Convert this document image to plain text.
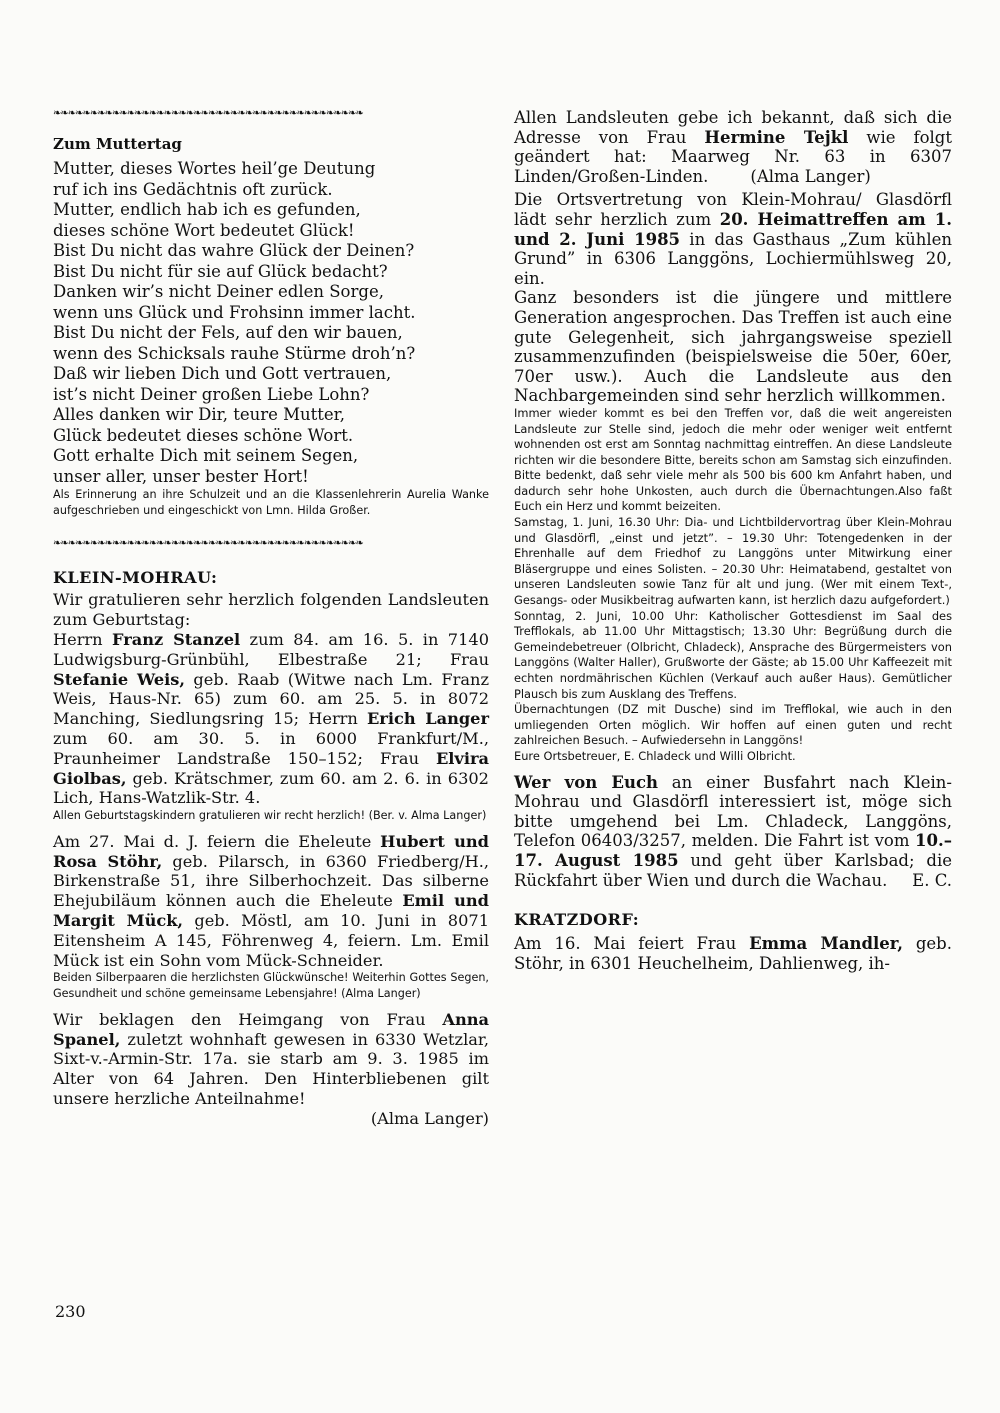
❧❧❧❧❧❧❧❧❧❧❧❧❧❧❧❧❧❧❧❧❧❧❧❧❧❧❧❧❧❧❧❧❧❧❧❧❧❧❧❧❧❧
Zum Muttertag
Mutter, dieses Wortes heil’ge Deutung
ruf ich ins Gedächtnis oft zurück.
Mutter, endlich hab ich es gefunden,
dieses schöne Wort bedeutet Glück!
Bist Du nicht das wahre Glück der Deinen?
Bist Du nicht für sie auf Glück bedacht?
Danken wir’s nicht Deiner edlen Sorge,
wenn uns Glück und Frohsinn immer lacht.
Bist Du nicht der Fels, auf den wir bauen,
wenn des Schicksals rauhe Stürme droh’n?
Daß wir lieben Dich und Gott vertrauen,
ist’s nicht Deiner großen Liebe Lohn?
Alles danken wir Dir, teure Mutter,
Glück bedeutet dieses schöne Wort.
Gott erhalte Dich mit seinem Segen,
unser aller, unser bester Hort!
Als Erinnerung an ihre Schulzeit und an die Klassenlehrerin Aurelia Wanke aufgeschrieben und eingeschickt von Lmn. Hilda Großer.
❧❧❧❧❧❧❧❧❧❧❧❧❧❧❧❧❧❧❧❧❧❧❧❧❧❧❧❧❧❧❧❧❧❧❧❧❧❧❧❧❧❧
KLEIN-MOHRAU:
Wir gratulieren sehr herzlich folgenden Landsleuten zum Geburtstag:
Herrn Franz Stanzel zum 84. am 16. 5. in 7140 Ludwigsburg-Grünbühl, Elbestraße 21; Frau Stefanie Weis, geb. Raab (Witwe nach Lm. Franz Weis, Haus-Nr. 65) zum 60. am 25. 5. in 8072 Manching, Siedlungsring 15; Herrn Erich Langer zum 60. am 30. 5. in 6000 Frankfurt/M., Praunheimer Landstraße 150–152; Frau Elvira Giolbas, geb. Krätschmer, zum 60. am 2. 6. in 6302 Lich, Hans-Watzlik-Str. 4.
Allen Geburtstagskindern gratulieren wir recht herzlich! (Ber. v. Alma Langer)
Am 27. Mai d. J. feiern die Eheleute Hubert und Rosa Stöhr, geb. Pilarsch, in 6360 Friedberg/H., Birkenstraße 51, ihre Silberhochzeit. Das silberne Ehejubiläum können auch die Eheleute Emil und Margit Mück, geb. Möstl, am 10. Juni in 8071 Eitensheim A 145, Föhrenweg 4, feiern. Lm. Emil Mück ist ein Sohn vom Mück-Schneider.
Beiden Silberpaaren die herzlichsten Glückwünsche! Weiterhin Gottes Segen, Gesundheit und schöne gemeinsame Lebensjahre! (Alma Langer)
Wir beklagen den Heimgang von Frau Anna Spanel, zuletzt wohnhaft gewesen in 6330 Wetzlar, Sixt-v.-Armin-Str. 17a. sie starb am 9. 3. 1985 im Alter von 64 Jahren. Den Hinterbliebenen gilt unsere herzliche Anteilnahme!
(Alma Langer)
Allen Landsleuten gebe ich bekannt, daß sich die Adresse von Frau Hermine Tejkl wie folgt geändert hat: Maarweg Nr. 63 in 6307 Linden/Großen-Linden.	(Alma Langer)
Die Ortsvertretung von Klein-Mohrau/ Glasdörfl lädt sehr herzlich zum 20. Heimattreffen am 1. und 2. Juni 1985 in das Gasthaus „Zum kühlen Grund” in 6306 Langgöns, Lochiermühlsweg 20, ein.
Ganz besonders ist die jüngere und mittlere Generation angesprochen. Das Treffen ist auch eine gute Gelegenheit, sich jahrgangsweise speziell zusammenzufinden (beispielsweise die 50er, 60er, 70er usw.). Auch die Landsleute aus den Nachbargemeinden sind sehr herzlich willkommen.
Immer wieder kommt es bei den Treffen vor, daß die weit angereisten Landsleute zur Stelle sind, jedoch die mehr oder weniger weit entfernt wohnenden ost erst am Sonntag nachmittag eintreffen. An diese Landsleute richten wir die besondere Bitte, bereits schon am Samstag sich einzufinden. Bitte bedenkt, daß sehr viele mehr als 500 bis 600 km Anfahrt haben, und dadurch sehr hohe Unkosten, auch durch die Übernachtungen.Also faßt Euch ein Herz und kommt beizeiten.
Samstag, 1. Juni, 16.30 Uhr: Dia- und Lichtbildervortrag über Klein-Mohrau und Glasdörfl, „einst und jetzt”. – 19.30 Uhr: Totengedenken in der Ehrenhalle auf dem Friedhof zu Langgöns unter Mitwirkung einer Bläsergruppe und eines Solisten. – 20.30 Uhr: Heimatabend, gestaltet von unseren Landsleuten sowie Tanz für alt und jung. (Wer mit einem Text-, Gesangs- oder Musikbeitrag aufwarten kann, ist herzlich dazu aufgefordert.)
Sonntag, 2. Juni, 10.00 Uhr: Katholischer Gottesdienst im Saal des Trefflokals, ab 11.00 Uhr Mittagstisch; 13.30 Uhr: Begrüßung durch die Gemeindebetreuer (Olbricht, Chladeck), Ansprache des Bürgermeisters von Langgöns (Walter Haller), Grußworte der Gäste; ab 15.00 Uhr Kaffeezeit mit echten nordmährischen Küchlen (Verkauf auch außer Haus). Gemütlicher Plausch bis zum Ausklang des Treffens.
Übernachtungen (DZ mit Dusche) sind im Trefflokal, wie auch in den umliegenden Orten möglich. Wir hoffen auf einen guten und recht zahlreichen Besuch. – Aufwiedersehn in Langgöns!
Eure Ortsbetreuer, E. Chladeck und Willi Olbricht.
Wer von Euch an einer Busfahrt nach Klein-Mohrau und Glasdörfl interessiert ist, möge sich bitte umgehend bei Lm. Chladeck, Langgöns, Telefon 06403/3257, melden. Die Fahrt ist vom 10.–17. August 1985 und geht über Karlsbad; die Rückfahrt über Wien und durch die Wachau. E. C.
KRATZDORF:
Am 16. Mai feiert Frau Emma Mandler, geb. Stöhr, in 6301 Heuchelheim, Dahlienweg, ih-
230
